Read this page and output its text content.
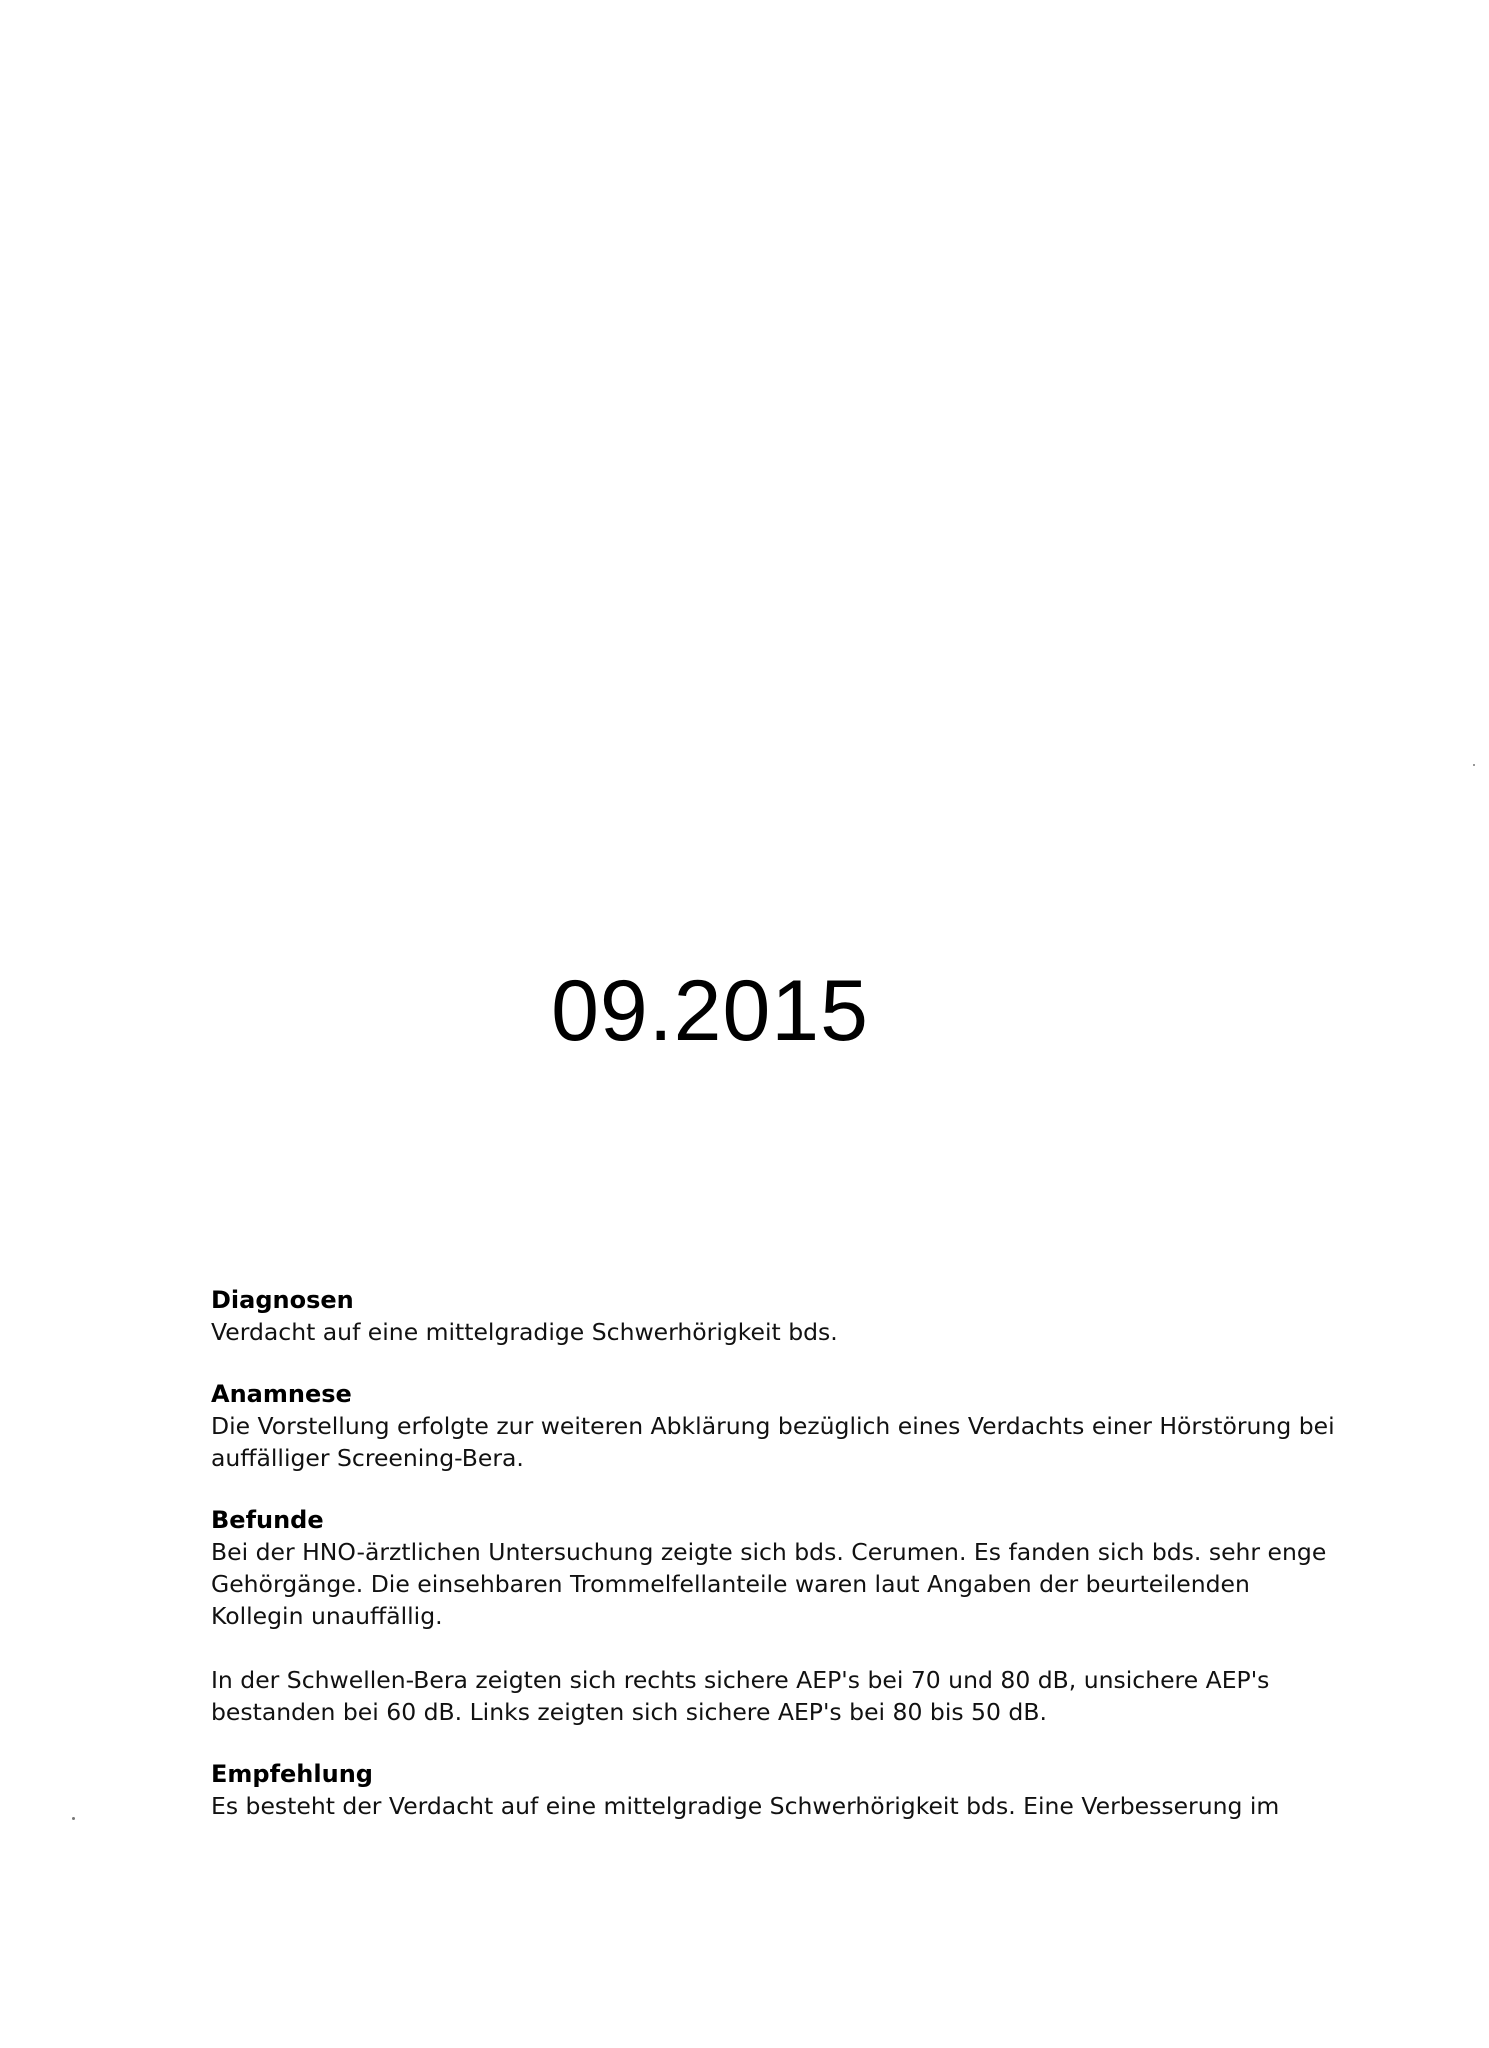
09.2015
Diagnosen

Verdacht auf eine mittelgradige Schwerhörigkeit bds.

Anamnese

Die Vorstellung erfolgte zur weiteren Abklärung bezüglich eines Verdachts einer Hörstörung bei
auffälliger Screening-Bera.

Befunde

Bei der HNO-ärztlichen Untersuchung zeigte sich bds. Cerumen. Es fanden sich bds. sehr enge
Gehörgänge. Die einsehbaren Trommelfellanteile waren laut Angaben der beurteilenden
Kollegin unauffällig.

In der Schwellen-Bera zeigten sich rechts sichere AEP's bei 70 und 80 dB, unsichere AEP's
bestanden bei 60 dB. Links zeigten sich sichere AEP's bei 80 bis 50 dB.

Empfehlung

Es besteht der Verdacht auf eine mittelgradige Schwerhörigkeit bds. Eine Verbesserung im
